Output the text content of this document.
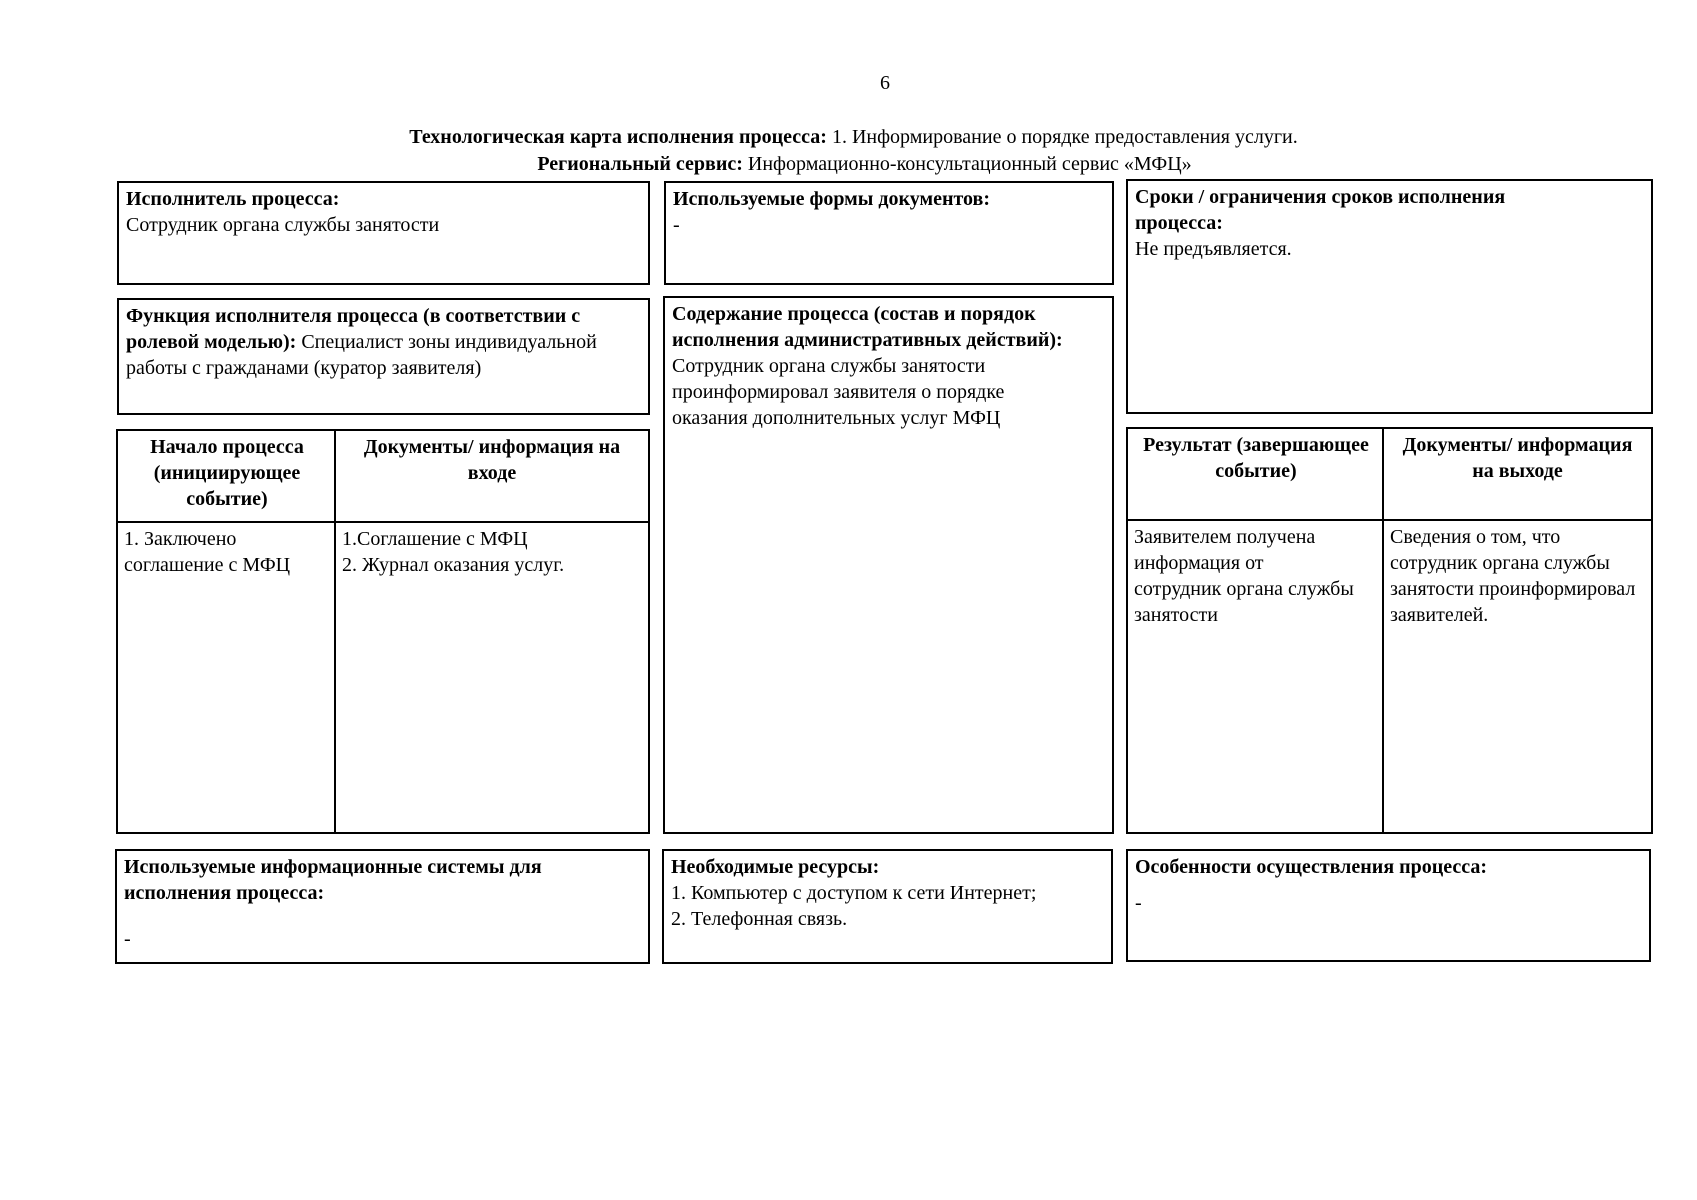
6
Технологическая карта исполнения процесса: 1. Информирование о порядке предоставления услуги.
Региональный сервис: Информационно-консультационный сервис «МФЦ»
Исполнитель процесса:
Сотрудник органа службы занятости
Используемые формы документов:
-
Сроки / ограничения сроков исполнения процесса:
Не предъявляется.
Функция исполнителя процесса (в соответствии с ролевой моделью): Специалист зоны индивидуальной работы с гражданами (куратор заявителя)
Содержание процесса (состав и порядок исполнения административных действий):
Сотрудник органа службы занятости проинформировал заявителя о порядке оказания дополнительных услуг МФЦ
Начало процесса (инициирующее событие)
1. Заключено соглашение с МФЦ
Документы/ информация на входе
1.Соглашение с МФЦ
2. Журнал оказания услуг.
Результат (завершающее событие)
Заявителем получена информация от сотрудник органа службы занятости
Документы/ информация на выходе
Сведения о том, что сотрудник органа службы занятости проинформировал заявителей.
Используемые информационные системы для исполнения процесса:
-
Необходимые ресурсы:
1. Компьютер с доступом к сети Интернет;
2. Телефонная связь.
Особенности осуществления процесса:
-
